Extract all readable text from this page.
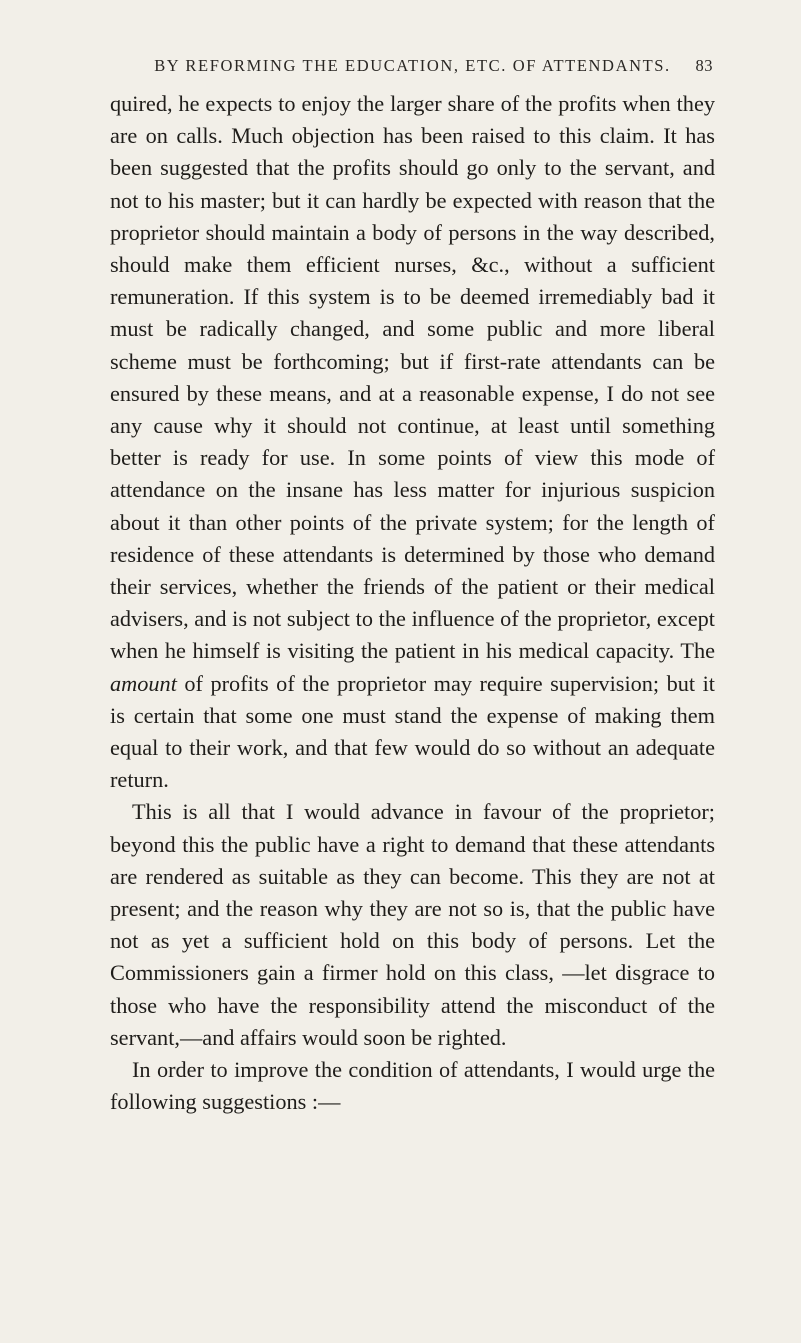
BY REFORMING THE EDUCATION, ETC. OF ATTENDANTS. 83

quired, he expects to enjoy the larger share of the profits when they are on calls. Much objection has been raised to this claim. It has been suggested that the profits should go only to the servant, and not to his master; but it can hardly be expected with reason that the proprietor should maintain a body of persons in the way described, should make them efficient nurses, &c., without a sufficient remuneration. If this system is to be deemed irremediably bad it must be radically changed, and some public and more liberal scheme must be forthcoming; but if first-rate attendants can be ensured by these means, and at a reasonable expense, I do not see any cause why it should not continue, at least until something better is ready for use. In some points of view this mode of attendance on the insane has less matter for injurious suspicion about it than other points of the private system; for the length of residence of these attendants is determined by those who demand their services, whether the friends of the patient or their medical advisers, and is not subject to the influence of the proprietor, except when he himself is visiting the patient in his medical capacity. The amount of profits of the proprietor may require supervision; but it is certain that some one must stand the expense of making them equal to their work, and that few would do so without an adequate return.

This is all that I would advance in favour of the proprietor; beyond this the public have a right to demand that these attendants are rendered as suitable as they can become. This they are not at present; and the reason why they are not so is, that the public have not as yet a sufficient hold on this body of persons. Let the Commissioners gain a firmer hold on this class, —let disgrace to those who have the responsibility attend the misconduct of the servant,—and affairs would soon be righted.

In order to improve the condition of attendants, I would urge the following suggestions :—
